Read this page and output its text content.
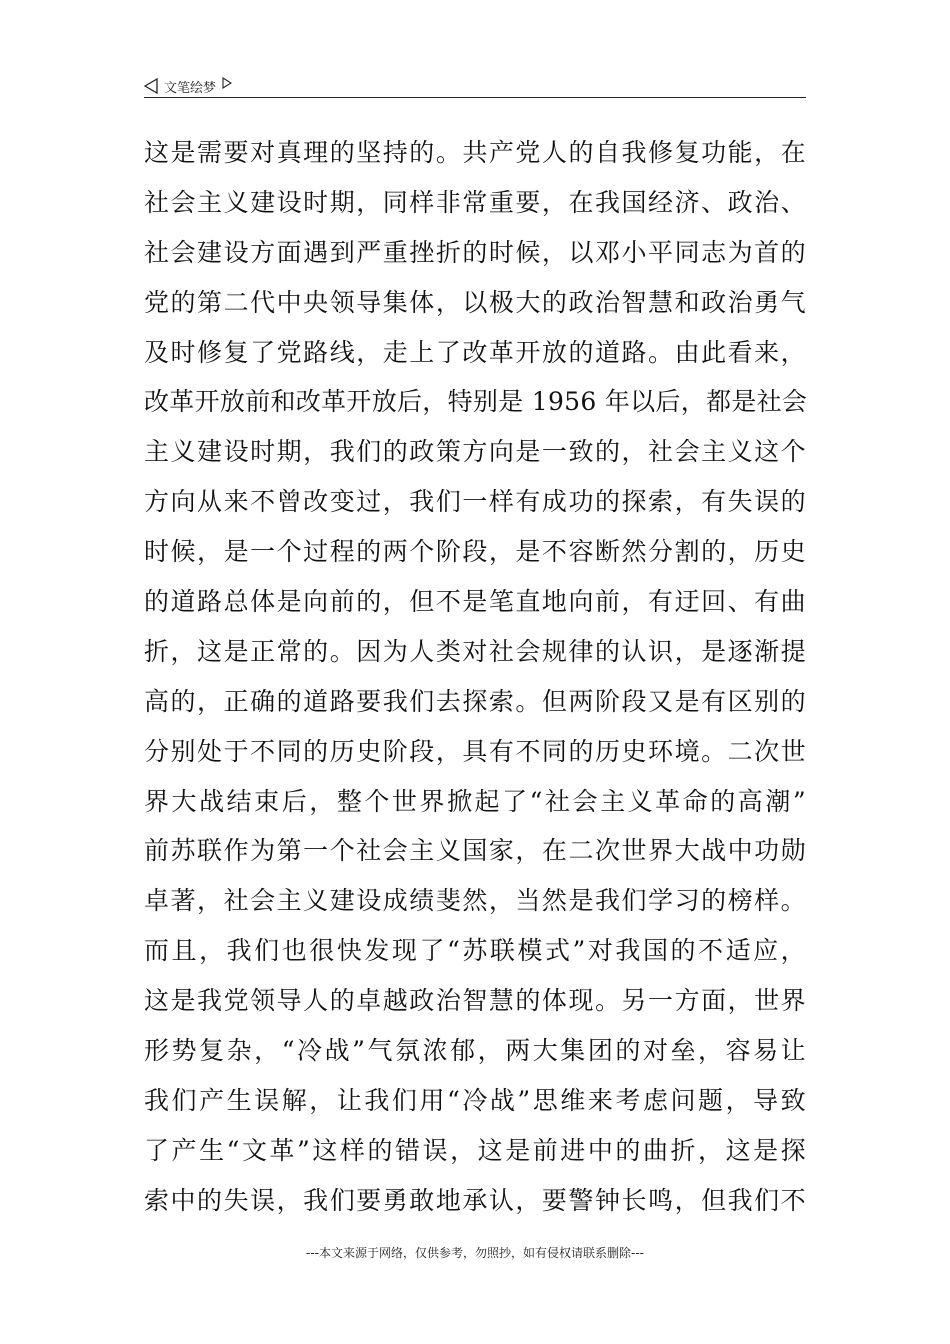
文笔绘梦
这是需要对真理的坚持的。共产党人的自我修复功能，在
社会主义建设时期，同样非常重要，在我国经济、政治、
社会建设方面遇到严重挫折的时候，以邓小平同志为首的
党的第二代中央领导集体，以极大的政治智慧和政治勇气
及时修复了党路线，走上了改革开放的道路。由此看来，
改革开放前和改革开放后，特别是 1956 年以后，都是社会
主义建设时期，我们的政策方向是一致的，社会主义这个
方向从来不曾改变过，我们一样有成功的探索，有失误的
时候，是一个过程的两个阶段，是不容断然分割的，历史
的道路总体是向前的，但不是笔直地向前，有迂回、有曲
折，这是正常的。因为人类对社会规律的认识，是逐渐提
高的，正确的道路要我们去探索。但两阶段又是有区别的
分别处于不同的历史阶段，具有不同的历史环境。二次世
界大战结束后，整个世界掀起了“社会主义革命的高潮”
前苏联作为第一个社会主义国家，在二次世界大战中功勋
卓著，社会主义建设成绩斐然，当然是我们学习的榜样。
而且，我们也很快发现了“苏联模式”对我国的不适应，
这是我党领导人的卓越政治智慧的体现。另一方面，世界
形势复杂，“冷战”气氛浓郁，两大集团的对垒，容易让
我们产生误解，让我们用“冷战”思维来考虑问题，导致
了产生“文革”这样的错误，这是前进中的曲折，这是探
索中的失误，我们要勇敢地承认，要警钟长鸣，但我们不
---本文来源于网络，仅供参考，勿照抄，如有侵权请联系删除---
